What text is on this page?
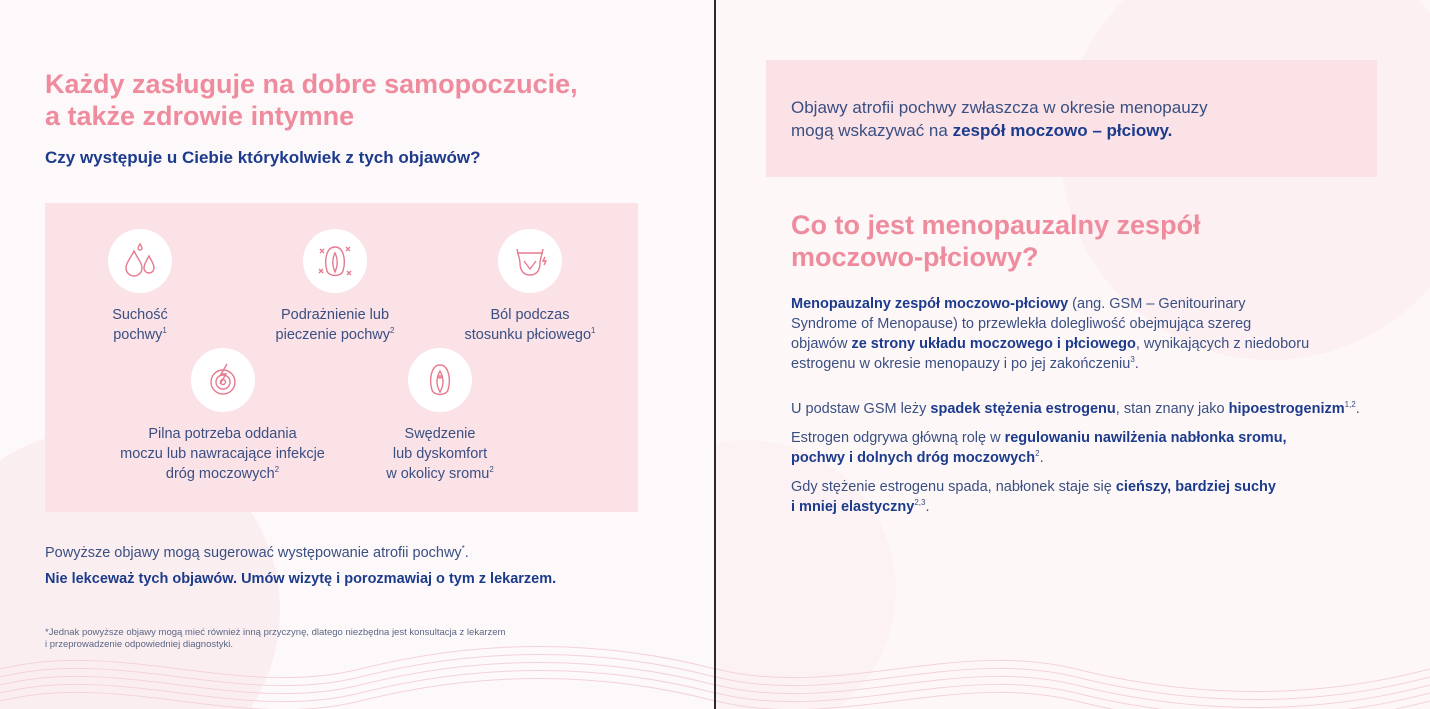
Każdy zasługuje na dobre samopoczucie,
a także zdrowie intymne

Czy występuje u Ciebie którykolwiek z tych objawów?

Suchość
pochwy$^1$

Podrażnienie lub
pieczenie pochwy$^2$

Ból podczas
stosunku płciowego$^1$

Pilna potrzeba oddania
moczu lub nawracające infekcje
dróg moczowych$^2$

Swędzenie
lub dyskomfort
w okolicy sromu$^2$

Powyższe objawy mogą sugerować występowanie atrofii pochwy*.

Nie lekceważ tych objawów. Umów wizytę i porozmawiaj o tym z lekarzem.

*Jednak powyższe objawy mogą mieć również inną przyczynę, dlatego niezbędna jest konsultacja z lekarzem
i przeprowadzenie odpowiedniej diagnostyki.

Objawy atrofii pochwy zwłaszcza w okresie menopauzy
mogą wskazywać na zespół moczowo – płciowy.

Co to jest menopauzalny zespół
moczowo-płciowy?

Menopauzalny zespół moczowo-płciowy (ang. GSM – Genitourinary
Syndrome of Menopause) to przewlekła dolegliwość obejmująca szereg
objawów ze strony układu moczowego i płciowego, wynikających z niedoboru
estrogenu w okresie menopauzy i po jej zakończeniu$^3$.

U podstaw GSM leży spadek stężenia estrogenu, stan znany jako hipoestrogenizm$^{1,2}$.

Estrogen odgrywa główną rolę w regulowaniu nawilżenia nabłonka sromu,
pochwy i dolnych dróg moczowych$^2$.

Gdy stężenie estrogenu spada, nabłonek staje się cieńszy, bardziej suchy
i mniej elastyczny$^{2,3}$.
